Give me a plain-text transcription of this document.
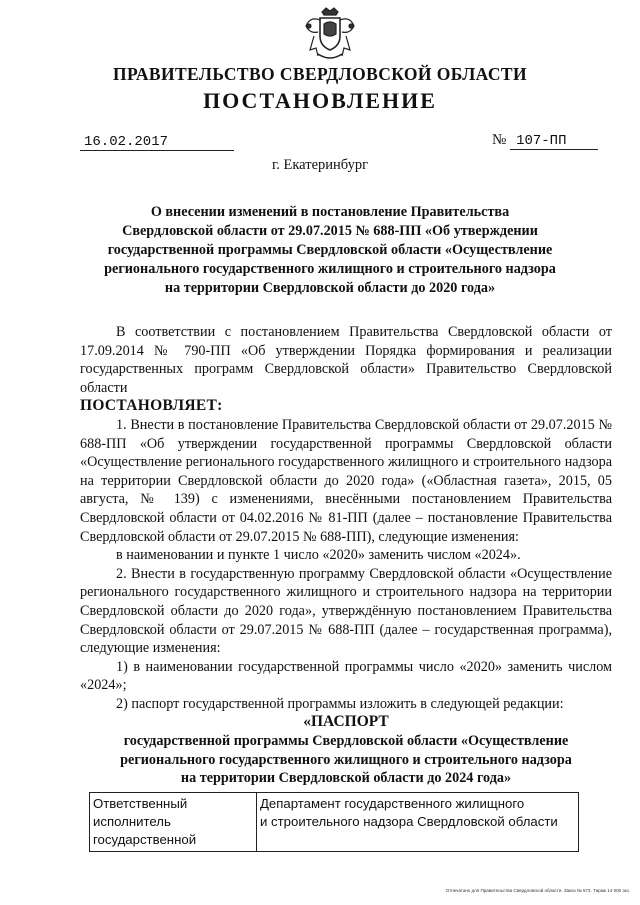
ПРАВИТЕЛЬСТВО СВЕРДЛОВСКОЙ ОБЛАСТИ
ПОСТАНОВЛЕНИЕ
16.02.2017	№ 107-ПП
г. Екатеринбург
О внесении изменений в постановление Правительства
Свердловской области от 29.07.2015 № 688-ПП «Об утверждении
государственной программы Свердловской области «Осуществление
регионального государственного жилищного и строительного надзора
на территории Свердловской области до 2020 года»

В соответствии с постановлением Правительства Свердловской области от 17.09.2014 № 790-ПП «Об утверждении Порядка формирования и реализации государственных программ Свердловской области» Правительство Свердловской области

ПОСТАНОВЛЯЕТ:

1. Внести в постановление Правительства Свердловской области от 29.07.2015 № 688-ПП «Об утверждении государственной программы Свердловской области «Осуществление регионального государственного жилищного и строительного надзора на территории Свердловской области до 2020 года» («Областная газета», 2015, 05 августа, № 139) с изменениями, внесёнными постановлением Правительства Свердловской области от 04.02.2016 № 81-ПП (далее – постановление Правительства Свердловской области от 29.07.2015 № 688-ПП), следующие изменения:

в наименовании и пункте 1 число «2020» заменить числом «2024».

2. Внести в государственную программу Свердловской области «Осуществление регионального государственного жилищного и строительного надзора на территории Свердловской области до 2020 года», утверждённую постановлением Правительства Свердловской области от 29.07.2015 № 688-ПП (далее – государственная программа), следующие изменения:

1) в наименовании государственной программы число «2020» заменить числом «2024»;

2) паспорт государственной программы изложить в следующей редакции:

«ПАСПОРТ

государственной программы Свердловской области «Осуществление

регионального государственного жилищного и строительного надзора

на территории Свердловской области до 2024 года»

Ответственный
исполнитель
государственной

Департамент государственного жилищного
и строительного надзора Свердловской области
Отпечатано для Правительства Свердловской области. Заказ № 573. Тираж 14 000 экз.
